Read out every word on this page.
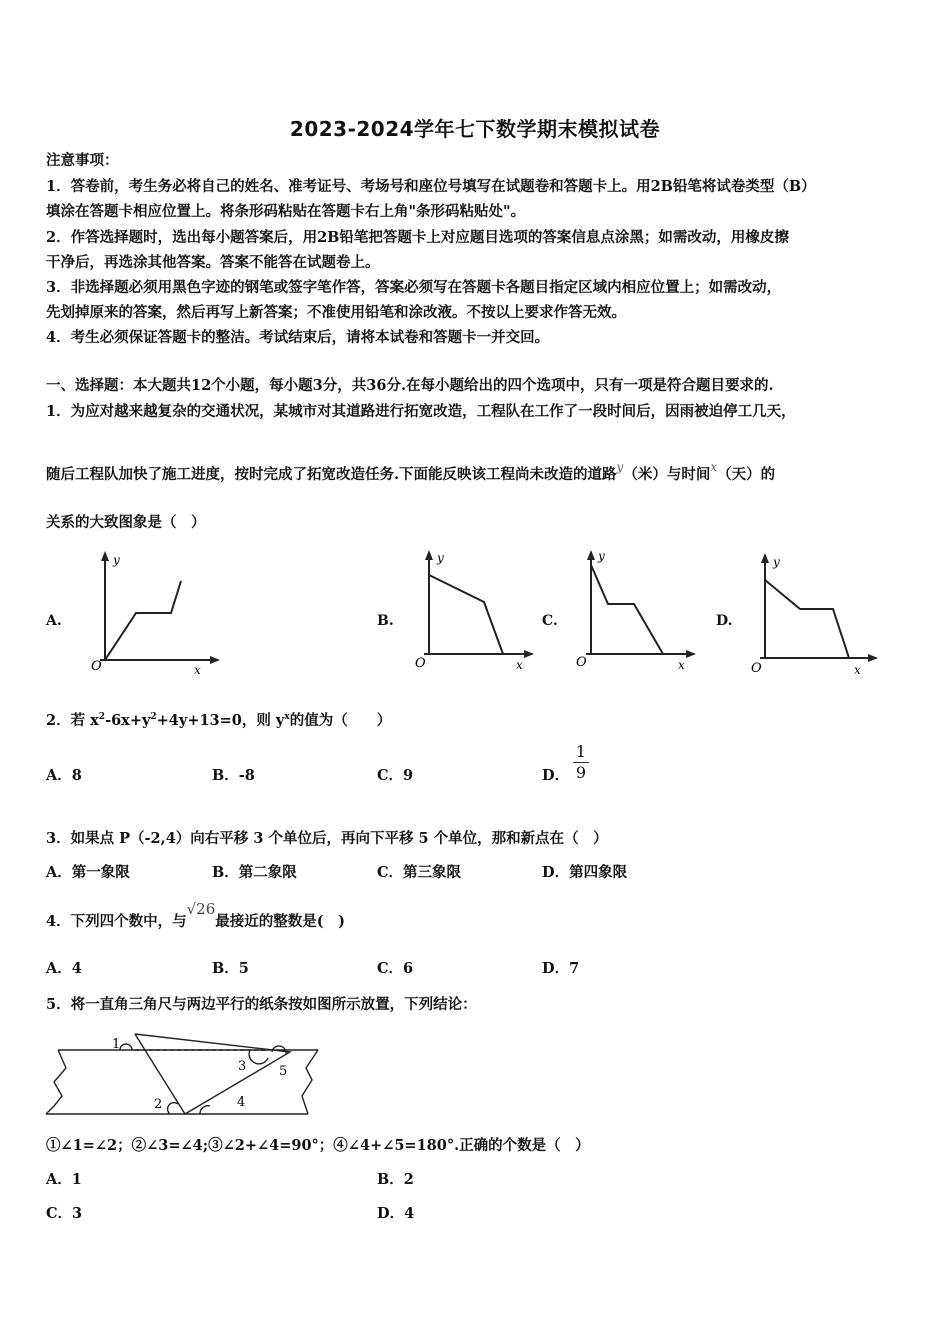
2023-2024学年七下数学期末模拟试卷
注意事项：
1．答卷前，考生务必将自己的姓名、准考证号、考场号和座位号填写在试题卷和答题卡上。用2B铅笔将试卷类型（B）
填涂在答题卡相应位置上。将条形码粘贴在答题卡右上角"条形码粘贴处"。
2．作答选择题时，选出每小题答案后，用2B铅笔把答题卡上对应题目选项的答案信息点涂黑；如需改动，用橡皮擦
干净后，再选涂其他答案。答案不能答在试题卷上。
3．非选择题必须用黑色字迹的钢笔或签字笔作答，答案必须写在答题卡各题目指定区域内相应位置上；如需改动，
先划掉原来的答案，然后再写上新答案；不准使用铅笔和涂改液。不按以上要求作答无效。
4．考生必须保证答题卡的整洁。考试结束后，请将本试卷和答题卡一并交回。
一、选择题：本大题共12个小题，每小题3分，共36分.在每小题给出的四个选项中，只有一项是符合题目要求的.
1．为应对越来越复杂的交通状况，某城市对其道路进行拓宽改造，工程队在工作了一段时间后，因雨被迫停工几天，
随后工程队加快了施工进度，按时完成了拓宽改造任务.下面能反映该工程尚未改造的道路$^y$（米）与时间$^x$（天）的
关系的大致图象是（　）
A.
y
x
O
B.
y
x
O
C.
y
x
O
D.
y
x
O
2．若 $x^2-6x+y^2+4y+13=0$，则 $y^x$的值为（　　）
A．8	B．-8	C．9	D． $\frac{1}{9}$
3．如果点 P（-2,4）向右平移 3 个单位后，再向下平移 5 个单位，那和新点在（　）
A．第一象限	B．第二象限	C．第三象限	D．第四象限
4．下列四个数中，与√26最接近的整数是(　)
A．4	B．5	C．6	D．7
5．将一直角三角尺与两边平行的纸条按如图所示放置，下列结论：
1
2
3
4
5
①∠1=∠2；②∠3=∠4;③∠2+∠4=90°；④∠4+∠5=180°.正确的个数是（　）
A．1	B．2
C．3	D．4
